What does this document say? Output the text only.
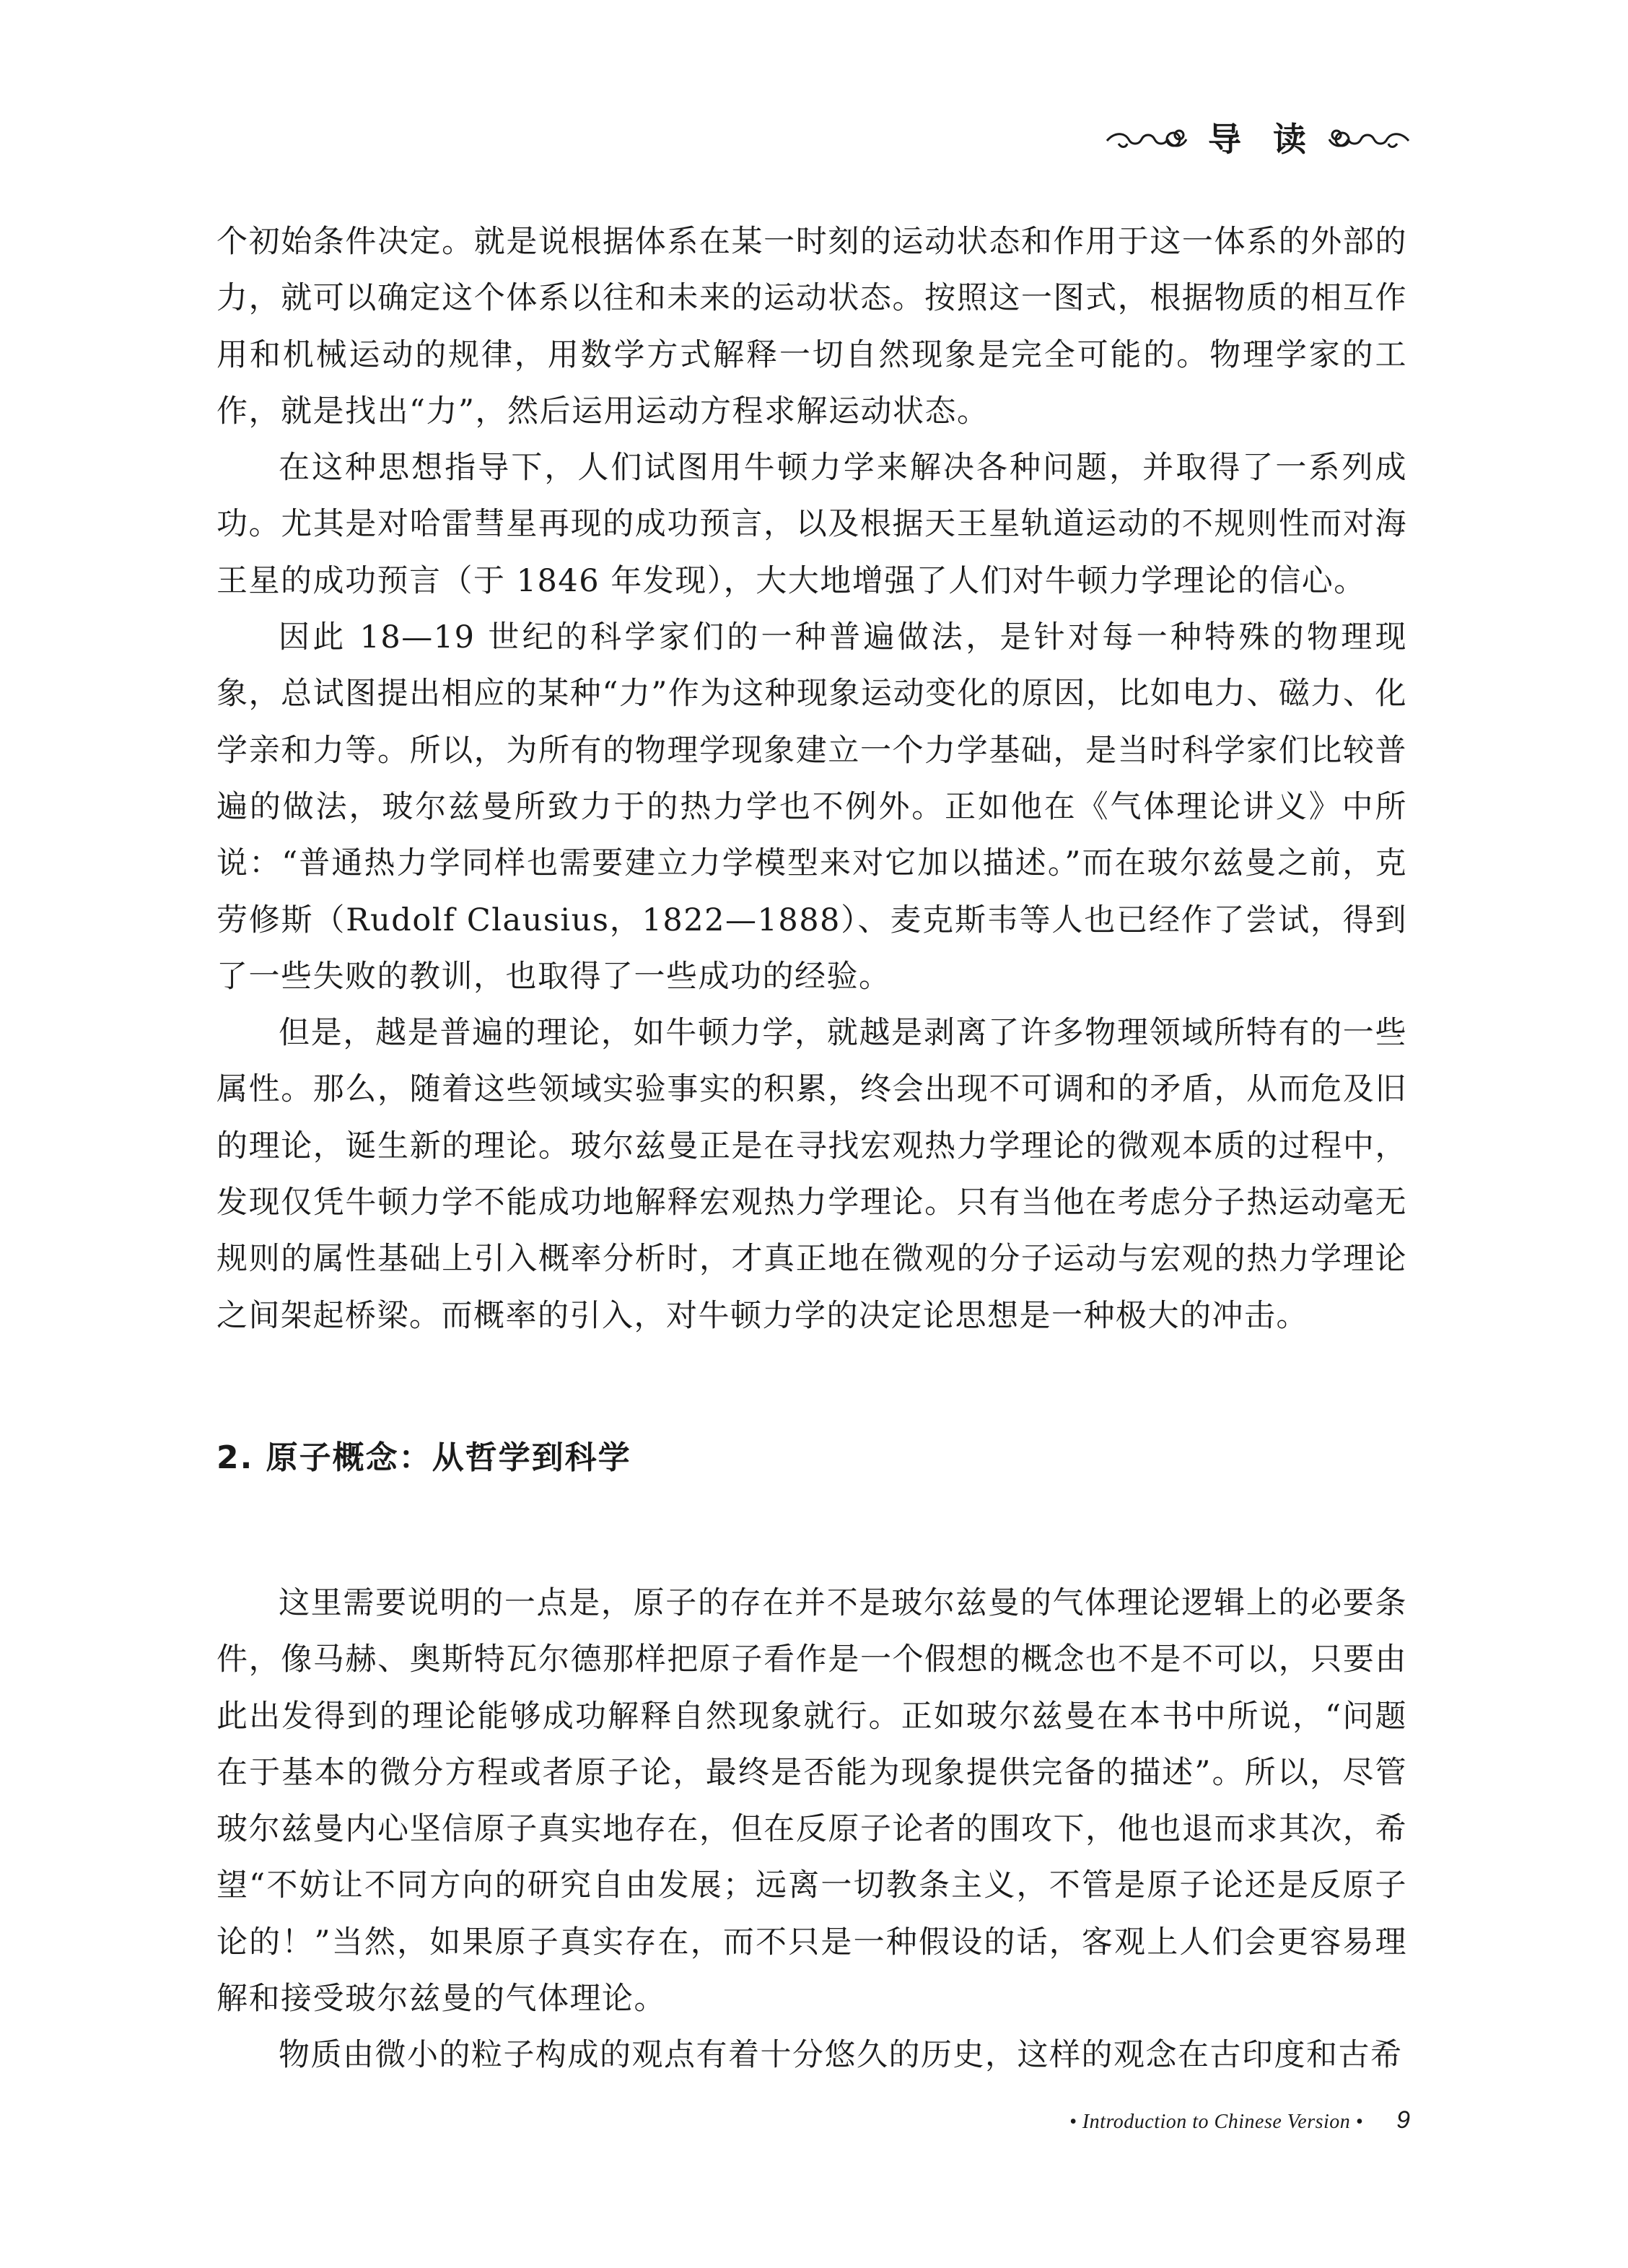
导 读

个初始条件决定。就是说根据体系在某一时刻的运动状态和作用于这一体系的外部的力，就可以确定这个体系以往和未来的运动状态。按照这一图式，根据物质的相互作用和机械运动的规律，用数学方式解释一切自然现象是完全可能的。物理学家的工作，就是找出“力”，然后运用运动方程求解运动状态。

在这种思想指导下，人们试图用牛顿力学来解决各种问题，并取得了一系列成功。尤其是对哈雷彗星再现的成功预言，以及根据天王星轨道运动的不规则性而对海王星的成功预言（于 1846 年发现），大大地增强了人们对牛顿力学理论的信心。

因此 18—19 世纪的科学家们的一种普遍做法，是针对每一种特殊的物理现象，总试图提出相应的某种“力”作为这种现象运动变化的原因，比如电力、磁力、化学亲和力等。所以，为所有的物理学现象建立一个力学基础，是当时科学家们比较普遍的做法，玻尔兹曼所致力于的热力学也不例外。正如他在《气体理论讲义》中所说：“普通热力学同样也需要建立力学模型来对它加以描述。”而在玻尔兹曼之前，克劳修斯（Rudolf Clausius，1822—1888）、麦克斯韦等人也已经作了尝试，得到了一些失败的教训，也取得了一些成功的经验。

但是，越是普遍的理论，如牛顿力学，就越是剥离了许多物理领域所特有的一些属性。那么，随着这些领域实验事实的积累，终会出现不可调和的矛盾，从而危及旧的理论，诞生新的理论。玻尔兹曼正是在寻找宏观热力学理论的微观本质的过程中，发现仅凭牛顿力学不能成功地解释宏观热力学理论。只有当他在考虑分子热运动毫无规则的属性基础上引入概率分析时，才真正地在微观的分子运动与宏观的热力学理论之间架起桥梁。而概率的引入，对牛顿力学的决定论思想是一种极大的冲击。

2. 原子概念：从哲学到科学

这里需要说明的一点是，原子的存在并不是玻尔兹曼的气体理论逻辑上的必要条件，像马赫、奥斯特瓦尔德那样把原子看作是一个假想的概念也不是不可以，只要由此出发得到的理论能够成功解释自然现象就行。正如玻尔兹曼在本书中所说，“问题在于基本的微分方程或者原子论，最终是否能为现象提供完备的描述”。所以，尽管玻尔兹曼内心坚信原子真实地存在，但在反原子论者的围攻下，他也退而求其次，希望“不妨让不同方向的研究自由发展；远离一切教条主义，不管是原子论还是反原子论的！”当然，如果原子真实存在，而不只是一种假设的话，客观上人们会更容易理解和接受玻尔兹曼的气体理论。

物质由微小的粒子构成的观点有着十分悠久的历史，这样的观念在古印度和古希

• Introduction to Chinese Version • 9
